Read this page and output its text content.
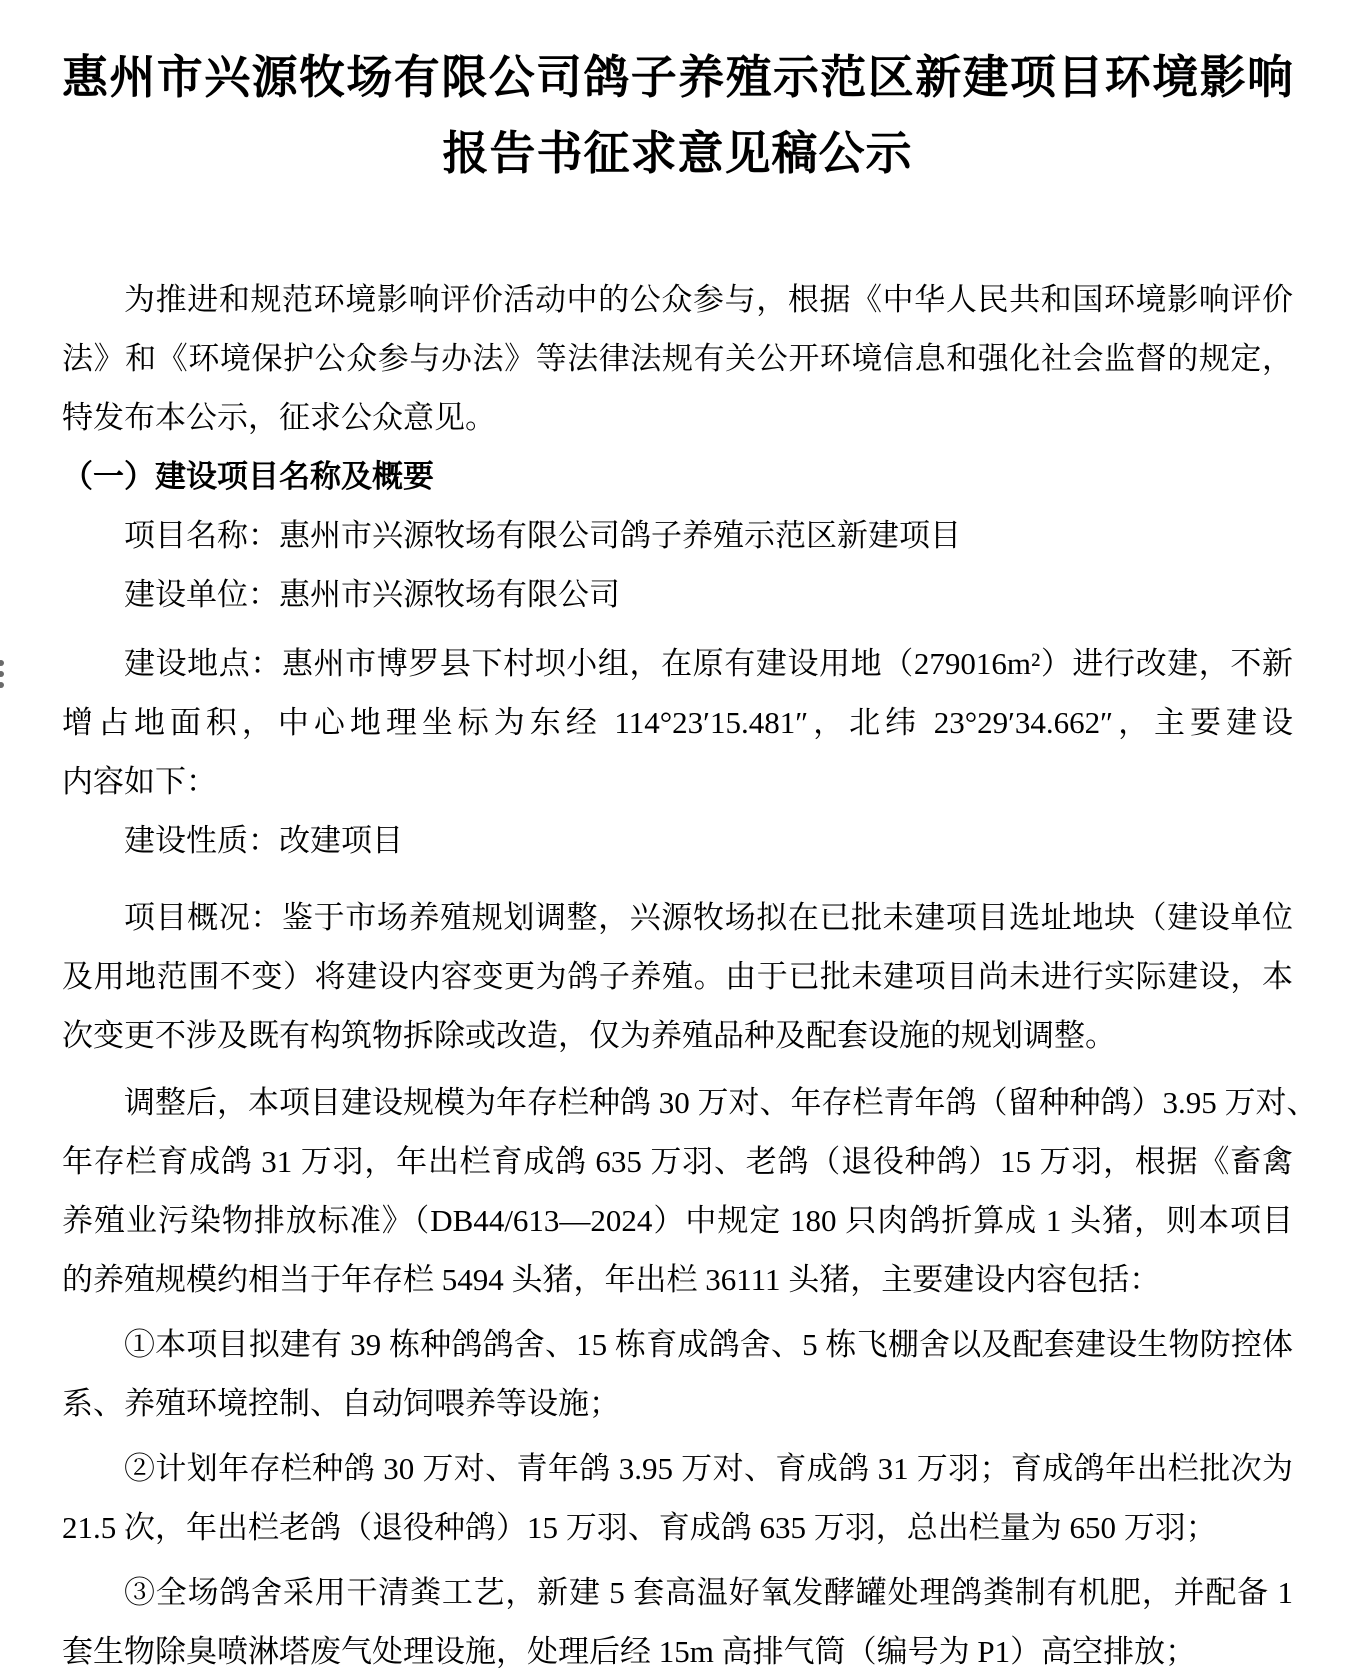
惠州市兴源牧场有限公司鸽子养殖示范区新建项目环境影响
报告书征求意见稿公示
为推进和规范环境影响评价活动中的公众参与，根据《中华人民共和国环境影响评价
法》和《环境保护公众参与办法》等法律法规有关公开环境信息和强化社会监督的规定，
特发布本公示，征求公众意见。
（一）建设项目名称及概要
项目名称：惠州市兴源牧场有限公司鸽子养殖示范区新建项目
建设单位：惠州市兴源牧场有限公司
建设地点：惠州市博罗县下村坝小组，在原有建设用地（279016m²）进行改建，不新
增占地面积，中心地理坐标为东经 114°23′15.481″，北纬 23°29′34.662″，主要建设
内容如下：
建设性质：改建项目
项目概况：鉴于市场养殖规划调整，兴源牧场拟在已批未建项目选址地块（建设单位
及用地范围不变）将建设内容变更为鸽子养殖。由于已批未建项目尚未进行实际建设，本
次变更不涉及既有构筑物拆除或改造，仅为养殖品种及配套设施的规划调整。
调整后，本项目建设规模为年存栏种鸽 30 万对、年存栏青年鸽（留种种鸽）3.95 万对、
年存栏育成鸽 31 万羽，年出栏育成鸽 635 万羽、老鸽（退役种鸽）15 万羽，根据《畜禽
养殖业污染物排放标准》（DB44/613—2024）中规定 180 只肉鸽折算成 1 头猪，则本项目
的养殖规模约相当于年存栏 5494 头猪，年出栏 36111 头猪，主要建设内容包括：
①本项目拟建有 39 栋种鸽鸽舍、15 栋育成鸽舍、5 栋飞棚舍以及配套建设生物防控体
系、养殖环境控制、自动饲喂养等设施；
②计划年存栏种鸽 30 万对、青年鸽 3.95 万对、育成鸽 31 万羽；育成鸽年出栏批次为
21.5 次，年出栏老鸽（退役种鸽）15 万羽、育成鸽 635 万羽，总出栏量为 650 万羽；
③全场鸽舍采用干清粪工艺，新建 5 套高温好氧发酵罐处理鸽粪制有机肥，并配备 1
套生物除臭喷淋塔废气处理设施，处理后经 15m 高排气筒（编号为 P1）高空排放；
